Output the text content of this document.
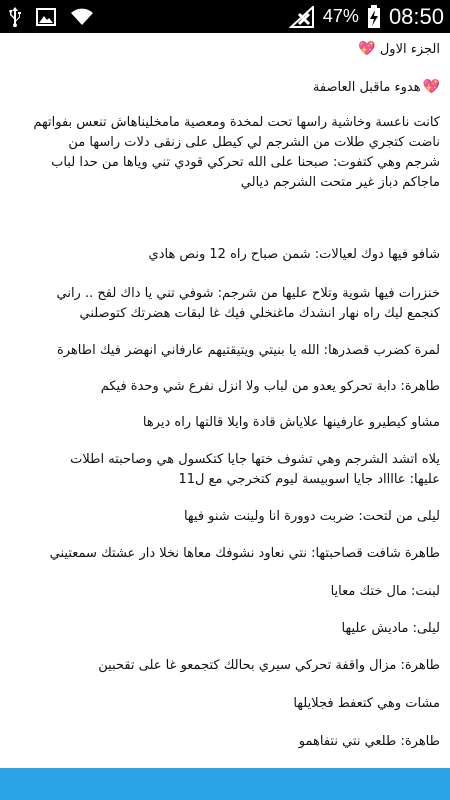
47% 08:50
الجزء الاول 💖
💖هدوء ماقبل العاصفة
كانت ناعسة وخاشية راسها تحت لمخدة ومعصية مامخليناهاش تنعس بفواتهم
ناضت كتجري طلات من الشرجم لي كيطل على زنقى دلات راسها من
شرجم وهي كتفوت: صبحنا على الله تحركي قودي تني وياها من حدا لباب
ماجاكم دباز غير متحت الشرجم ديالي
شافو فيها دوك لعيالات: شمن صباح راه 12 ونص هادي
خنزرات فيها شوية وتلاح عليها من شرجم: شوفي تني يا داك لقح .. راني
كنجمع ليك راه نهار انشدك ماغنخلي فيك غا لبقات هضرتك كتوصلني
لمرة كضرب قصدرها: الله يا بنيتي ويتيقتيهم عارفاني انهضر فيك اطاهرة
طاهرة: دابة تحركو يعدو من لباب ولا انزل نفرع شي وحدة فيكم
مشاو كيطيرو عارفينها علاياش قادة وايلا قالتها راه ديرها
يلاه اتشد الشرجم وهي تشوف ختها جايا كتكسول هي وصاحبته اطلات
عليها: عااااد جايا اسوبيسة ليوم كتخرجي مع ل11
ليلى من لتحت: ضربت دوورة انا ولينت شنو فيها
طاهرة شافت قصاحبتها: نتي نعاود نشوفك معاها نخلا دار عشتك سمعتيني
لبنت: مال ختك معايا
ليلى: ماديش عليها
طاهرة: مزال واقفة تحركي سيري بحالك كتجمعو غا على تقحبين
مشات وهي كتعفط فجلايلها
طاهرة: طلعي نتي نتفاهمو
